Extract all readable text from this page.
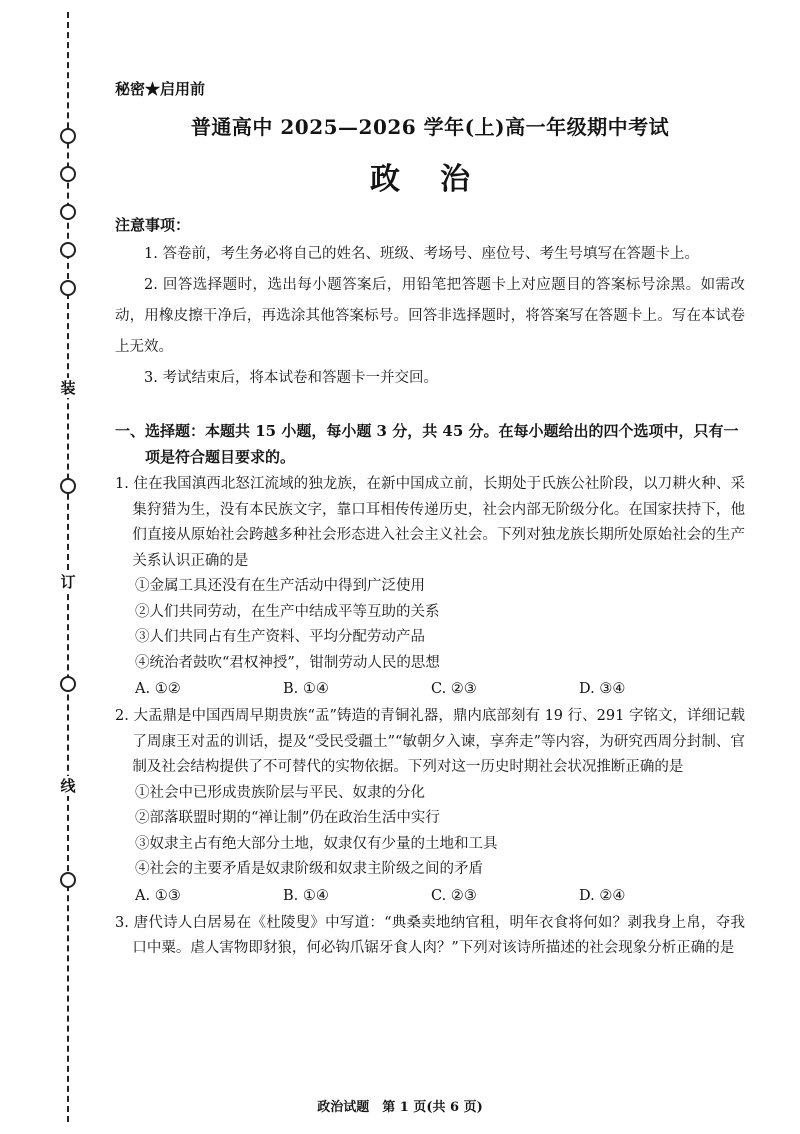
装
订
线

秘密★启用前

普通高中 2025—2026 学年(上)高一年级期中考试

政治

注意事项：

1. 答卷前，考生务必将自己的姓名、班级、考场号、座位号、考生号填写在答题卡上。

2. 回答选择题时，选出每小题答案后，用铅笔把答题卡上对应题目的答案标号涂黑。如需改动，用橡皮擦干净后，再选涂其他答案标号。回答非选择题时，将答案写在答题卡上。写在本试卷上无效。

3. 考试结束后，将本试卷和答题卡一并交回。

一、选择题：本题共 15 小题，每小题 3 分，共 45 分。在每小题给出的四个选项中，只有一项是符合题目要求的。

1. 住在我国滇西北怒江流域的独龙族，在新中国成立前，长期处于氏族公社阶段，以刀耕火种、采集狩猎为生，没有本民族文字，靠口耳相传传递历史，社会内部无阶级分化。在国家扶持下，他们直接从原始社会跨越多种社会形态进入社会主义社会。下列对独龙族长期所处原始社会的生产关系认识正确的是

①金属工具还没有在生产活动中得到广泛使用

②人们共同劳动，在生产中结成平等互助的关系

③人们共同占有生产资料、平均分配劳动产品

④统治者鼓吹“君权神授”，钳制劳动人民的思想

A. ①②	B. ①④	C. ②③	D. ③④

2. 大盂鼎是中国西周早期贵族“盂”铸造的青铜礼器，鼎内底部刻有 19 行、291 字铭文，详细记载了周康王对盂的训话，提及“受民受疆土”“敏朝夕入谏，享奔走”等内容，为研究西周分封制、官制及社会结构提供了不可替代的实物依据。下列对这一历史时期社会状况推断正确的是

①社会中已形成贵族阶层与平民、奴隶的分化

②部落联盟时期的“禅让制”仍在政治生活中实行

③奴隶主占有绝大部分土地，奴隶仅有少量的土地和工具

④社会的主要矛盾是奴隶阶级和奴隶主阶级之间的矛盾

A. ①③	B. ①④	C. ②③	D. ②④

3. 唐代诗人白居易在《杜陵叟》中写道：“典桑卖地纳官租，明年衣食将何如？剥我身上帛，夺我口中粟。虐人害物即豺狼，何必钩爪锯牙食人肉？”下列对该诗所描述的社会现象分析正确的是

政治试题　第 1 页(共 6 页)
